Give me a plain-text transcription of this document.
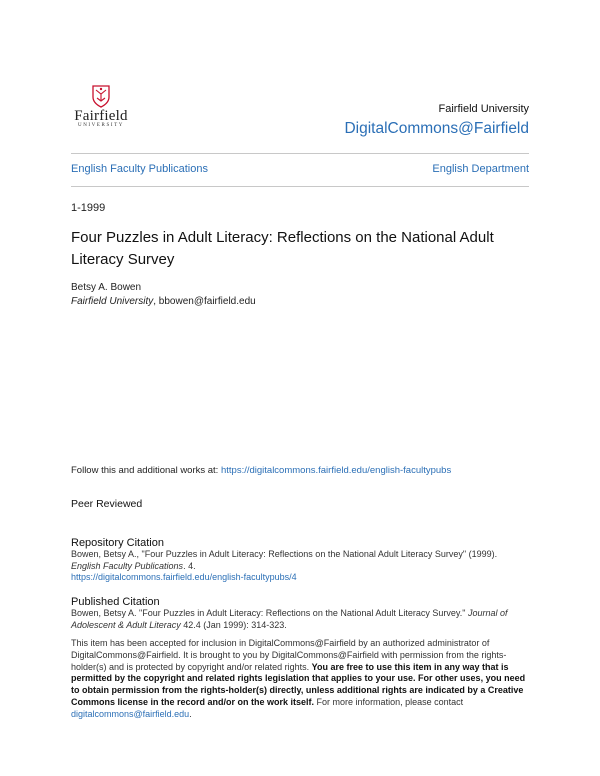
Fairfield
UNIVERSITY
Fairfield University
DigitalCommons@Fairfield
English Faculty Publications	English Department
1-1999
Four Puzzles in Adult Literacy: Reflections on the National Adult Literacy Survey
Betsy A. Bowen
Fairfield University, bbowen@fairfield.edu
Follow this and additional works at: https://digitalcommons.fairfield.edu/english-facultypubs
Peer Reviewed
Repository Citation
Bowen, Betsy A., "Four Puzzles in Adult Literacy: Reflections on the National Adult Literacy Survey" (1999).
English Faculty Publications. 4.
https://digitalcommons.fairfield.edu/english-facultypubs/4
Published Citation
Bowen, Betsy A. "Four Puzzles in Adult Literacy: Reflections on the National Adult Literacy Survey." Journal of Adolescent & Adult Literacy 42.4 (Jan 1999): 314-323.
This item has been accepted for inclusion in DigitalCommons@Fairfield by an authorized administrator of DigitalCommons@Fairfield. It is brought to you by DigitalCommons@Fairfield with permission from the rights-holder(s) and is protected by copyright and/or related rights. You are free to use this item in any way that is permitted by the copyright and related rights legislation that applies to your use. For other uses, you need to obtain permission from the rights-holder(s) directly, unless additional rights are indicated by a Creative Commons license in the record and/or on the work itself. For more information, please contact digitalcommons@fairfield.edu.
